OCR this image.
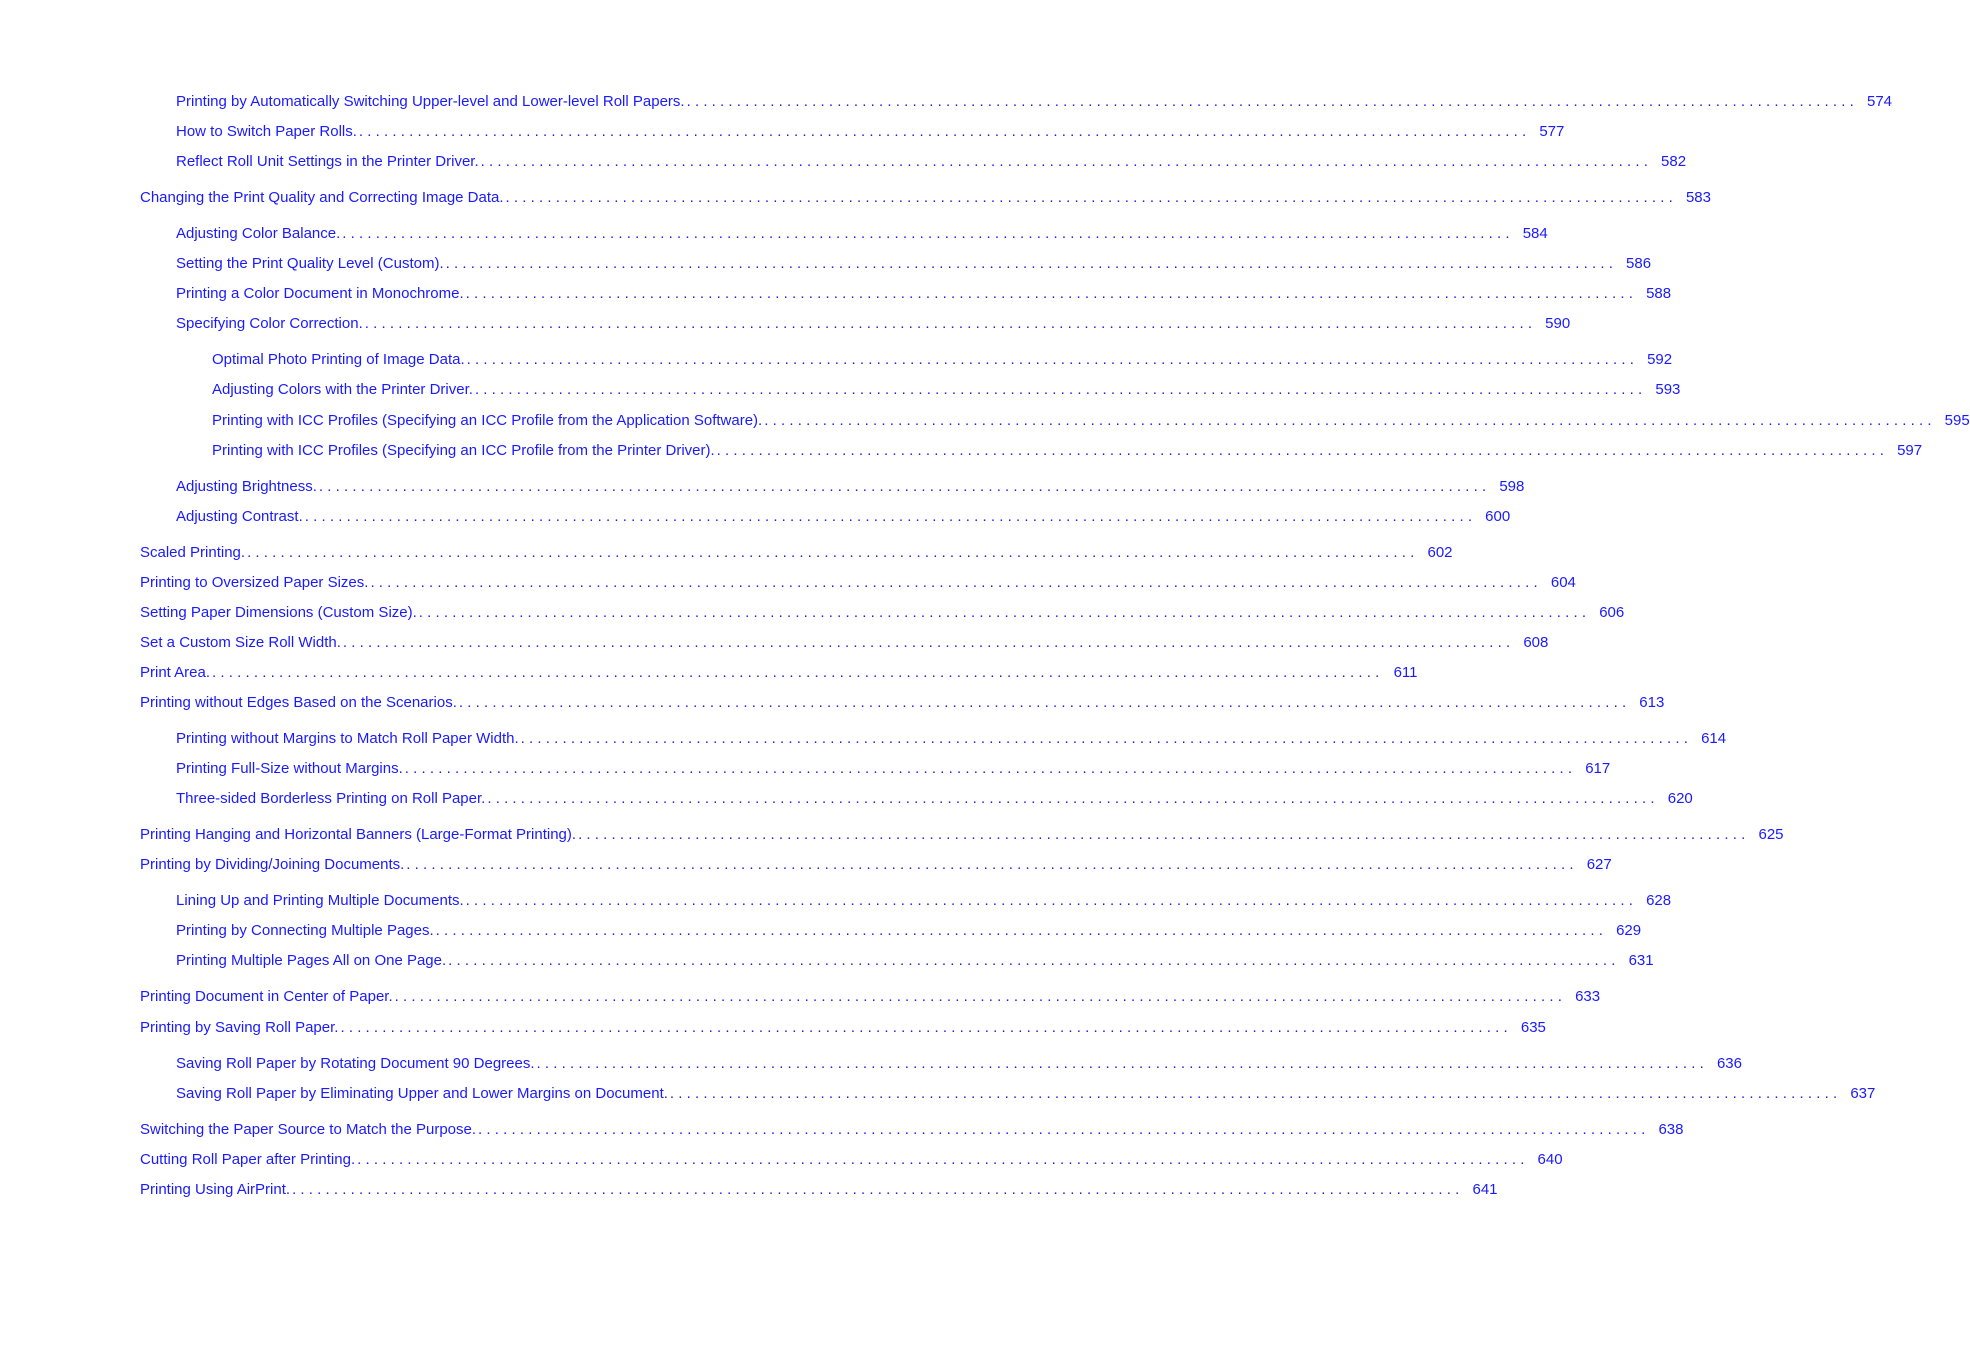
Printing by Automatically Switching Upper-level and Lower-level Roll Papers. ............................................................................................................................................ 574
How to Switch Paper Rolls. ............................................................................................................................................ 577
Reflect Roll Unit Settings in the Printer Driver. ............................................................................................................................................ 582
Changing the Print Quality and Correcting Image Data. ............................................................................................................................................ 583
Adjusting Color Balance. ............................................................................................................................................ 584
Setting the Print Quality Level (Custom). ............................................................................................................................................ 586
Printing a Color Document in Monochrome. ............................................................................................................................................ 588
Specifying Color Correction. ............................................................................................................................................ 590
Optimal Photo Printing of Image Data. ............................................................................................................................................ 592
Adjusting Colors with the Printer Driver. ............................................................................................................................................ 593
Printing with ICC Profiles (Specifying an ICC Profile from the Application Software). ............................................................................................................................................ 595
Printing with ICC Profiles (Specifying an ICC Profile from the Printer Driver). ............................................................................................................................................ 597
Adjusting Brightness. ............................................................................................................................................ 598
Adjusting Contrast. ............................................................................................................................................ 600
Scaled Printing. ............................................................................................................................................ 602
Printing to Oversized Paper Sizes. ............................................................................................................................................ 604
Setting Paper Dimensions (Custom Size). ............................................................................................................................................ 606
Set a Custom Size Roll Width. ............................................................................................................................................ 608
Print Area. ............................................................................................................................................ 611
Printing without Edges Based on the Scenarios. ............................................................................................................................................ 613
Printing without Margins to Match Roll Paper Width. ............................................................................................................................................ 614
Printing Full-Size without Margins. ............................................................................................................................................ 617
Three-sided Borderless Printing on Roll Paper. ............................................................................................................................................ 620
Printing Hanging and Horizontal Banners (Large-Format Printing). ............................................................................................................................................ 625
Printing by Dividing/Joining Documents. ............................................................................................................................................ 627
Lining Up and Printing Multiple Documents. ............................................................................................................................................ 628
Printing by Connecting Multiple Pages. ............................................................................................................................................ 629
Printing Multiple Pages All on One Page. ............................................................................................................................................ 631
Printing Document in Center of Paper. ............................................................................................................................................ 633
Printing by Saving Roll Paper. ............................................................................................................................................ 635
Saving Roll Paper by Rotating Document 90 Degrees. ............................................................................................................................................ 636
Saving Roll Paper by Eliminating Upper and Lower Margins on Document. ............................................................................................................................................ 637
Switching the Paper Source to Match the Purpose. ............................................................................................................................................ 638
Cutting Roll Paper after Printing. ............................................................................................................................................ 640
Printing Using AirPrint. ............................................................................................................................................ 641
